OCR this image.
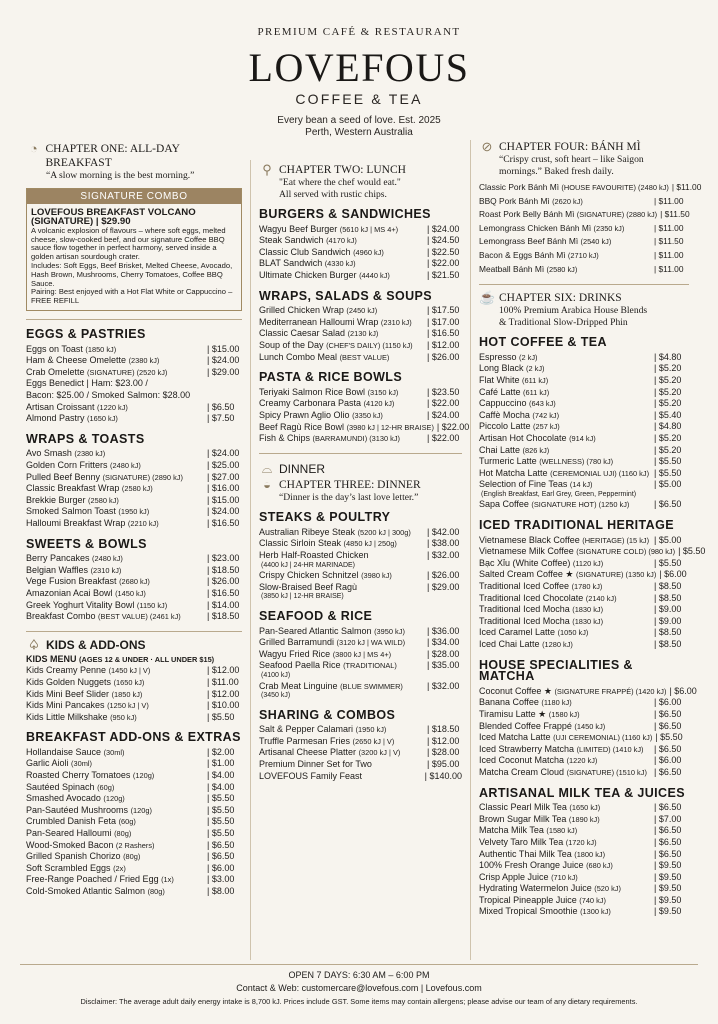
PREMIUM CAFÉ & RESTAURANT
LOVEFOUS
COFFEE & TEA
Every bean a seed of love. Est. 2025
Perth, Western Australia
◔ CHAPTER ONE: ALL-DAY BREAKFAST
“A slow morning is the best morning.”
SIGNATURE COMBO
LOVEFOUS BREAKFAST VOLCANO
(SIGNATURE) | $29.90
A volcanic explosion of flavours – where soft eggs, melted cheese, slow-cooked beef, and our signature Coffee BBQ sauce flow together in perfect harmony, served inside a golden artisan sourdough crater.
Includes: Soft Eggs, Beef Brisket, Melted Cheese, Avocado, Hash Brown, Mushrooms, Cherry Tomatoes, Coffee BBQ Sauce.
Pairing: Best enjoyed with a Hot Flat White or Cappuccino – FREE REFILL
EGGS & PASTRIES
Eggs on Toast (1850 kJ)	| $15.00
Ham & Cheese Omelette (2380 kJ)	| $24.00
Crab Omelette (SIGNATURE) (2520 kJ)	| $29.00
Eggs Benedict | Ham: $23.00 /
Bacon: $25.00 / Smoked Salmon: $28.00
Artisan Croissant (1220 kJ)	| $6.50
Almond Pastry (1650 kJ)	| $7.50
WRAPS & TOASTS
Avo Smash (2380 kJ)	| $24.00
Golden Corn Fritters (2480 kJ)	| $25.00
Pulled Beef Benny (SIGNATURE) (2890 kJ)	| $27.00
Classic Breakfast Wrap (2580 kJ)	| $16.00
Brekkie Burger (2580 kJ)	| $15.00
Smoked Salmon Toast (1950 kJ)	| $24.00
Halloumi Breakfast Wrap (2210 kJ)	| $16.50
SWEETS & BOWLS
Berry Pancakes (2480 kJ)	| $23.00
Belgian Waffles (2310 kJ)	| $18.50
Vege Fusion Breakfast (2680 kJ)	| $26.00
Amazonian Acai Bowl (1450 kJ)	| $16.50
Greek Yoghurt Vitality Bowl (1150 kJ)	| $14.00
Breakfast Combo (BEST VALUE) (2461 kJ)	| $18.50
♤ KIDS & ADD-ONS
KIDS MENU (AGES 12 & UNDER · ALL UNDER $15)
Kids Creamy Penne (1450 kJ | V)	| $12.00
Kids Golden Nuggets (1650 kJ)	| $11.00
Kids Mini Beef Slider (1850 kJ)	| $12.00
Kids Mini Pancakes (1250 kJ | V)	| $10.00
Kids Little Milkshake (950 kJ)	| $5.50
BREAKFAST ADD-ONS & EXTRAS
Hollandaise Sauce (30ml)	| $2.00
Garlic Aioli (30ml)	| $1.00
Roasted Cherry Tomatoes (120g)	| $4.00
Sautéed Spinach (60g)	| $4.00
Smashed Avocado (120g)	| $5.50
Pan-Sautéed Mushrooms (120g)	| $5.50
Crumbled Danish Feta (60g)	| $5.50
Pan-Seared Halloumi (80g)	| $5.50
Wood-Smoked Bacon (2 Rashers)	| $6.50
Grilled Spanish Chorizo (80g)	| $6.50
Soft Scrambled Eggs (2x)	| $6.00
Free-Range Poached / Fried Egg (1x)	| $3.00
Cold-Smoked Atlantic Salmon (80g)	| $8.00
⚲ CHAPTER TWO: LUNCH
"Eat where the chef would eat."
All served with rustic chips.
BURGERS & SANDWICHES
Wagyu Beef Burger (5610 kJ | MS 4+)	| $24.00
Steak Sandwich (4170 kJ)	| $24.50
Classic Club Sandwich (4960 kJ)	| $22.50
BLAT Sandwich (4330 kJ)	| $22.00
Ultimate Chicken Burger (4440 kJ)	| $21.50
WRAPS, SALADS & SOUPS
Grilled Chicken Wrap (2450 kJ)	| $17.50
Mediterranean Halloumi Wrap (2310 kJ)	| $17.00
Classic Caesar Salad (2130 kJ)	| $16.50
Soup of the Day (CHEF'S DAILY) (1150 kJ)	| $12.00
Lunch Combo Meal (BEST VALUE)	| $26.00
PASTA & RICE BOWLS
Teriyaki Salmon Rice Bowl (3150 kJ)	| $23.50
Creamy Carbonara Pasta (4120 kJ)	| $22.00
Spicy Prawn Aglio Olio (3350 kJ)	| $24.00
Beef Ragù Rice Bowl (3980 kJ | 12-HR BRAISE) | $22.00
Fish & Chips (BARRAMUNDI) (3130 kJ)	| $22.00
⌓ DINNER
◒ CHAPTER THREE: DINNER
“Dinner is the day’s last love letter.”
STEAKS & POULTRY
Australian Ribeye Steak (5200 kJ | 300g)	| $42.00
Classic Sirloin Steak (4850 kJ | 250g)	| $38.00
Herb Half-Roasted Chicken	| $32.00
(4400 kJ | 24-HR MARINADE)
Crispy Chicken Schnitzel (3980 kJ)	| $26.00
Slow-Braised Beef Ragù	| $29.00
(3850 kJ | 12-HR BRAISE)
SEAFOOD & RICE
Pan-Seared Atlantic Salmon (3950 kJ)	| $36.00
Grilled Barramundi (3120 kJ | WA WILD)	| $34.00
Wagyu Fried Rice (3800 kJ | MS 4+)	| $28.00
Seafood Paella Rice (TRADITIONAL)	| $35.00
(4100 kJ)
Crab Meat Linguine (BLUE SWIMMER)	| $32.00
(3450 kJ)
SHARING & COMBOS
Salt & Pepper Calamari (1950 kJ)	| $18.50
Truffle Parmesan Fries (2650 kJ | V)	| $12.00
Artisanal Cheese Platter (3200 kJ | V)	| $28.00
Premium Dinner Set for Two	| $95.00
LOVEFOUS Family Feast	| $140.00
⊘ CHAPTER FOUR: BÁNH MÌ
“Crispy crust, soft heart – like Saigon
mornings.” Baked fresh daily.
Classic Pork Bánh Mì (HOUSE FAVOURITE) (2480 kJ) | $11.00
BBQ Pork Bánh Mì (2620 kJ)	| $11.00
Roast Pork Belly Bánh Mì (SIGNATURE) (2880 kJ) | $11.50
Lemongrass Chicken Bánh Mì (2350 kJ)	| $11.00
Lemongrass Beef Bánh Mì (2540 kJ)	| $11.50
Bacon & Eggs Bánh Mì (2710 kJ)	| $11.00
Meatball Bánh Mì (2580 kJ)	| $11.00
☕ CHAPTER SIX: DRINKS
100% Premium Arabica House Blends
& Traditional Slow-Dripped Phin
HOT COFFEE & TEA
Espresso (2 kJ)	| $4.80
Long Black (2 kJ)	| $5.20
Flat White (611 kJ)	| $5.20
Café Latte (611 kJ)	| $5.20
Cappuccino (643 kJ)	| $5.20
Caffè Mocha (742 kJ)	| $5.40
Piccolo Latte (257 kJ)	| $4.80
Artisan Hot Chocolate (914 kJ)	| $5.20
Chai Latte (826 kJ)	| $5.20
Turmeric Latte (WELLNESS) (780 kJ)	| $5.50
Hot Matcha Latte (CEREMONIAL UJI) (1160 kJ) | $5.50
Selection of Fine Teas (14 kJ)	| $5.00
(English Breakfast, Earl Grey, Green, Peppermint)
Sapa Coffee (SIGNATURE HOT) (1250 kJ)	| $6.50
ICED TRADITIONAL HERITAGE
Vietnamese Black Coffee (HERITAGE) (15 kJ) | $5.00
Vietnamese Milk Coffee (SIGNATURE COLD) (980 kJ) | $5.50
Bạc Xỉu (White Coffee) (1120 kJ)	| $5.50
Salted Cream Coffee ★ (SIGNATURE) (1350 kJ) | $6.00
Traditional Iced Coffee (1780 kJ)	| $8.50
Traditional Iced Chocolate (2140 kJ)	| $8.50
Traditional Iced Mocha (1830 kJ)	| $9.00
Traditional Iced Mocha (1830 kJ)	| $9.00
Iced Caramel Latte (1050 kJ)	| $8.50
Iced Chai Latte (1280 kJ)	| $8.50
HOUSE SPECIALITIES & MATCHA
Coconut Coffee ★ (SIGNATURE FRAPPÉ) (1420 kJ) | $6.00
Banana Coffee (1180 kJ)	| $6.00
Tiramisu Latte ★ (1580 kJ)	| $6.50
Blended Coffee Frappé (1450 kJ)	| $6.50
Iced Matcha Latte (UJI CEREMONIAL) (1160 kJ) | $5.50
Iced Strawberry Matcha (LIMITED) (1410 kJ)	| $6.50
Iced Coconut Matcha (1220 kJ)	| $6.00
Matcha Cream Cloud (SIGNATURE) (1510 kJ) | $6.50
ARTISANAL MILK TEA & JUICES
Classic Pearl Milk Tea (1650 kJ)	| $6.50
Brown Sugar Milk Tea (1890 kJ)	| $7.00
Matcha Milk Tea (1580 kJ)	| $6.50
Velvety Taro Milk Tea (1720 kJ)	| $6.50
Authentic Thai Milk Tea (1800 kJ)	| $6.50
100% Fresh Orange Juice (680 kJ)	| $9.50
Crisp Apple Juice (710 kJ)	| $9.50
Hydrating Watermelon Juice (520 kJ)	| $9.50
Tropical Pineapple Juice (740 kJ)	| $9.50
Mixed Tropical Smoothie (1300 kJ)	| $9.50
OPEN 7 DAYS: 6:30 AM – 6:00 PM
Contact & Web: customercare@lovefous.com | Lovefous.com
Disclaimer: The average adult daily energy intake is 8,700 kJ. Prices include GST. Some items may contain allergens; please advise our team of any dietary requirements.
